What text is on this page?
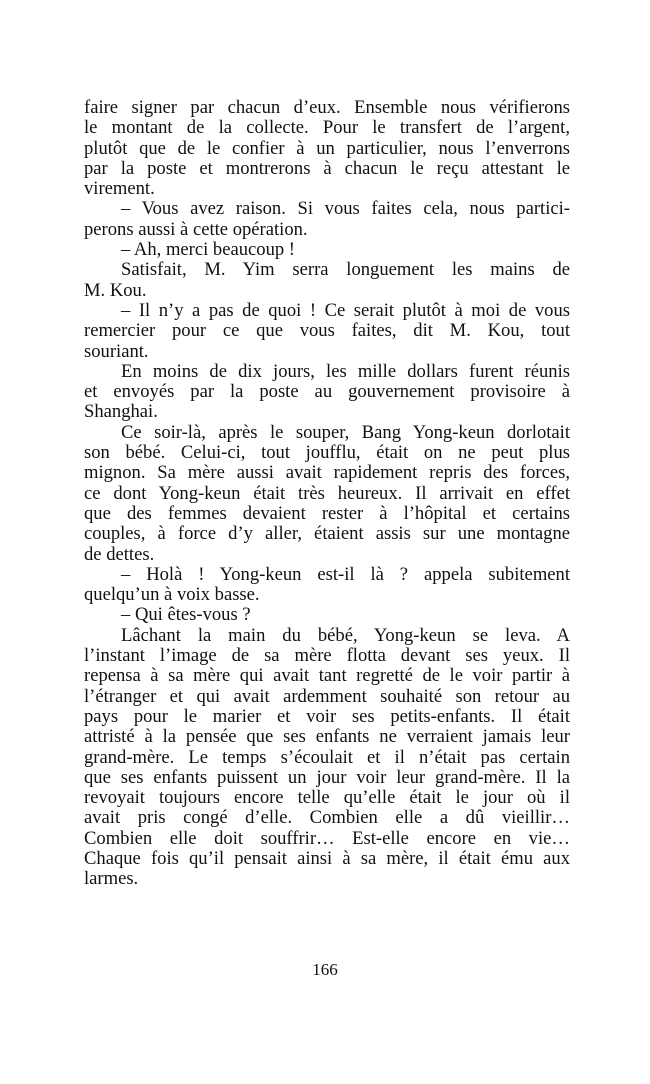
faire signer par chacun d’eux. Ensemble nous vérifierons
le montant de la collecte. Pour le transfert de l’argent,
plutôt que de le confier à un particulier, nous l’enverrons
par la poste et montrerons à chacun le reçu attestant le
virement.
– Vous avez raison. Si vous faites cela, nous partici-
perons aussi à cette opération.
– Ah, merci beaucoup !
Satisfait, M. Yim serra longuement les mains de
M. Kou.
– Il n’y a pas de quoi ! Ce serait plutôt à moi de vous
remercier pour ce que vous faites, dit M. Kou, tout
souriant.
En moins de dix jours, les mille dollars furent réunis
et envoyés par la poste au gouvernement provisoire à
Shanghai.
Ce soir-là, après le souper, Bang Yong-keun dorlotait
son bébé. Celui-ci, tout joufflu, était on ne peut plus
mignon. Sa mère aussi avait rapidement repris des forces,
ce dont Yong-keun était très heureux. Il arrivait en effet
que des femmes devaient rester à l’hôpital et certains
couples, à force d’y aller, étaient assis sur une montagne
de dettes.
– Holà ! Yong-keun est-il là ? appela subitement
quelqu’un à voix basse.
– Qui êtes-vous ?
Lâchant la main du bébé, Yong-keun se leva. A
l’instant l’image de sa mère flotta devant ses yeux. Il
repensa à sa mère qui avait tant regretté de le voir partir à
l’étranger et qui avait ardemment souhaité son retour au
pays pour le marier et voir ses petits-enfants. Il était
attristé à la pensée que ses enfants ne verraient jamais leur
grand-mère. Le temps s’écoulait et il n’était pas certain
que ses enfants puissent un jour voir leur grand-mère. Il la
revoyait toujours encore telle qu’elle était le jour où il
avait pris congé d’elle. Combien elle a dû vieillir…
Combien elle doit souffrir… Est-elle encore en vie…
Chaque fois qu’il pensait ainsi à sa mère, il était ému aux
larmes.
166
